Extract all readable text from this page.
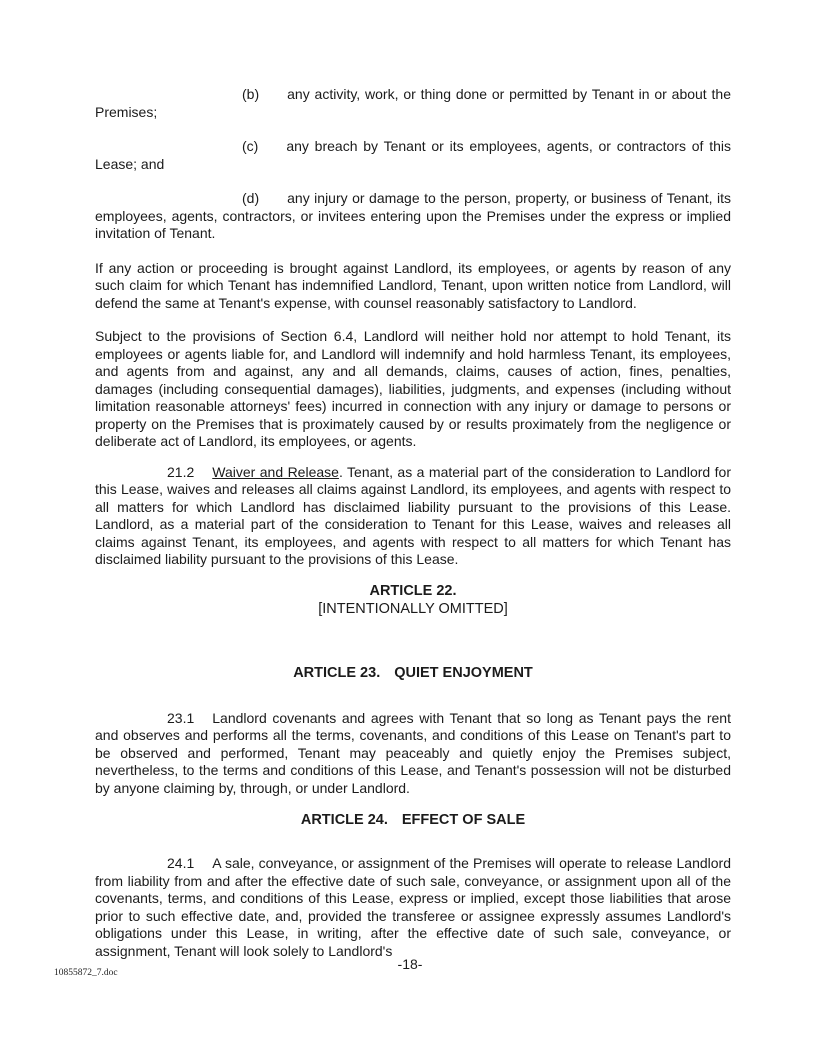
(b) any activity, work, or thing done or permitted by Tenant in or about the Premises;

(c) any breach by Tenant or its employees, agents, or contractors of this Lease; and

(d) any injury or damage to the person, property, or business of Tenant, its employees, agents, contractors, or invitees entering upon the Premises under the express or implied invitation of Tenant.

If any action or proceeding is brought against Landlord, its employees, or agents by reason of any such claim for which Tenant has indemnified Landlord, Tenant, upon written notice from Landlord, will defend the same at Tenant's expense, with counsel reasonably satisfactory to Landlord.

Subject to the provisions of Section 6.4, Landlord will neither hold nor attempt to hold Tenant, its employees or agents liable for, and Landlord will indemnify and hold harmless Tenant, its employees, and agents from and against, any and all demands, claims, causes of action, fines, penalties, damages (including consequential damages), liabilities, judgments, and expenses (including without limitation reasonable attorneys' fees) incurred in connection with any injury or damage to persons or property on the Premises that is proximately caused by or results proximately from the negligence or deliberate act of Landlord, its employees, or agents.

21.2 Waiver and Release. Tenant, as a material part of the consideration to Landlord for this Lease, waives and releases all claims against Landlord, its employees, and agents with respect to all matters for which Landlord has disclaimed liability pursuant to the provisions of this Lease. Landlord, as a material part of the consideration to Tenant for this Lease, waives and releases all claims against Tenant, its employees, and agents with respect to all matters for which Tenant has disclaimed liability pursuant to the provisions of this Lease.

ARTICLE 22.
[INTENTIONALLY OMITTED]
ARTICLE 23. QUIET ENJOYMENT

23.1 Landlord covenants and agrees with Tenant that so long as Tenant pays the rent and observes and performs all the terms, covenants, and conditions of this Lease on Tenant's part to be observed and performed, Tenant may peaceably and quietly enjoy the Premises subject, nevertheless, to the terms and conditions of this Lease, and Tenant's possession will not be disturbed by anyone claiming by, through, or under Landlord.

ARTICLE 24. EFFECT OF SALE

24.1 A sale, conveyance, or assignment of the Premises will operate to release Landlord from liability from and after the effective date of such sale, conveyance, or assignment upon all of the covenants, terms, and conditions of this Lease, express or implied, except those liabilities that arose prior to such effective date, and, provided the transferee or assignee expressly assumes Landlord's obligations under this Lease, in writing, after the effective date of such sale, conveyance, or assignment, Tenant will look solely to Landlord's

10855872_7.doc
-18-
